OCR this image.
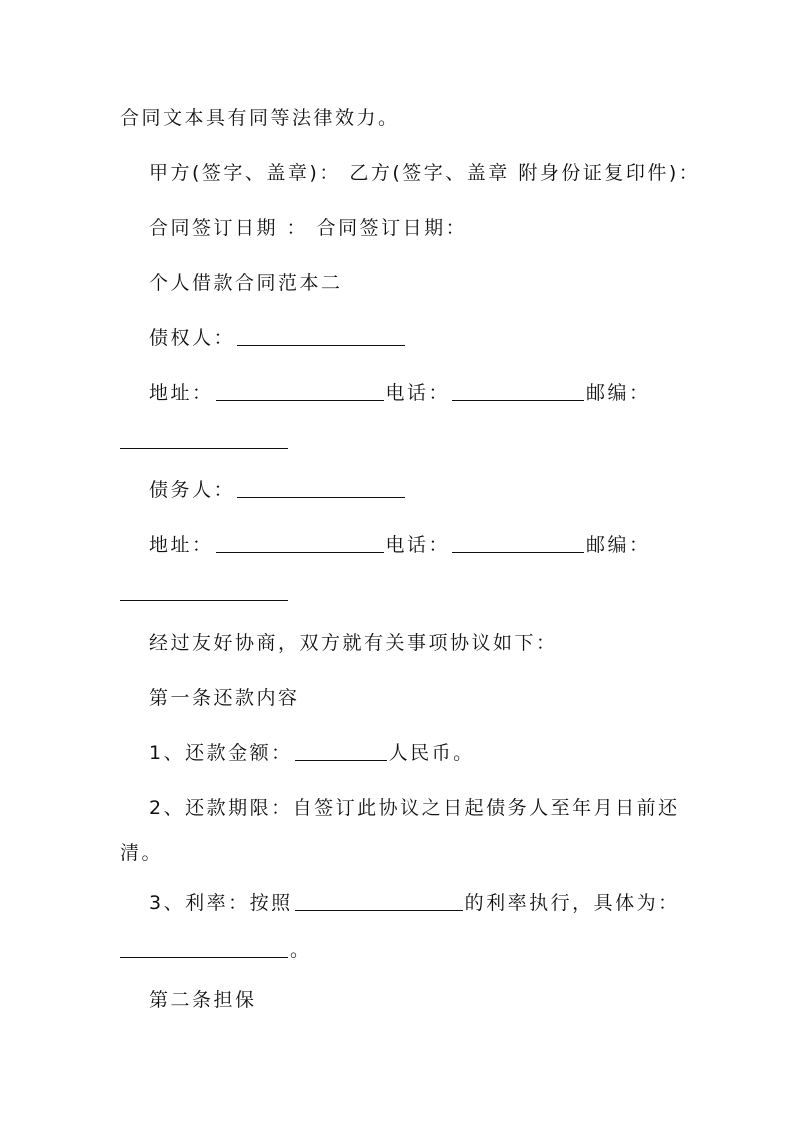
合同文本具有同等法律效力。
甲方(签字、盖章)： 乙方(签字、盖章 附身份证复印件)：
合同签订日期 ： 合同签订日期：
个人借款合同范本二
债权人：
地址：	电话：	邮编：
债务人：
地址：	电话：	邮编：
经过友好协商，双方就有关事项协议如下：
第一条还款内容
1、还款金额：	人民币。
2、还款期限：自签订此协议之日起债务人至年月日前还
清。
3、利率：按照	的利率执行，具体为：
。
第二条担保
